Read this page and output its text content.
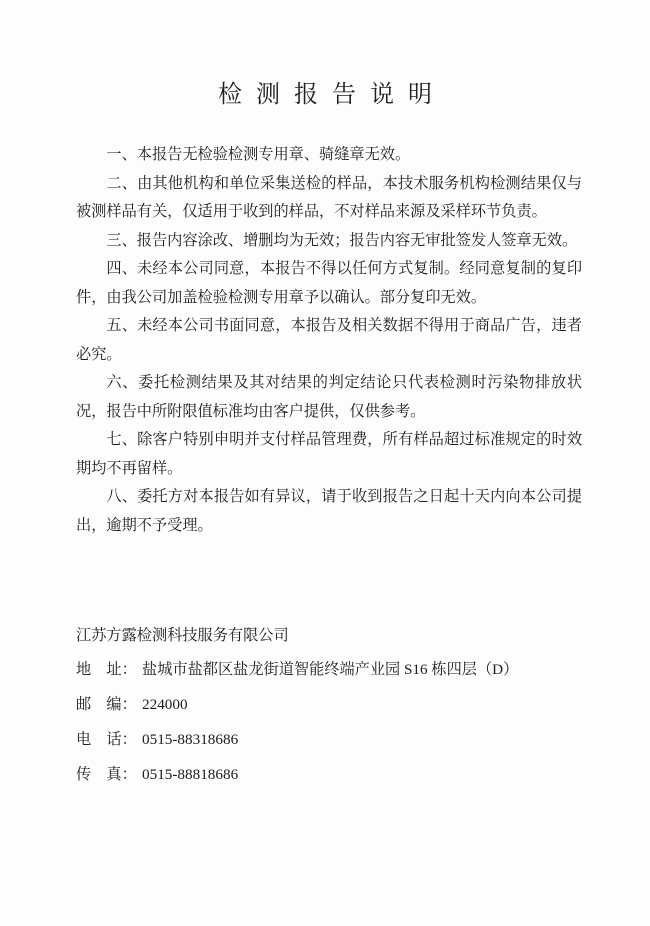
检测报告说明

一、本报告无检验检测专用章、骑缝章无效。

二、由其他机构和单位采集送检的样品，本技术服务机构检测结果仅与被测样品有关，仅适用于收到的样品，不对样品来源及采样环节负责。

三、报告内容涂改、增删均为无效；报告内容无审批签发人签章无效。

四、未经本公司同意，本报告不得以任何方式复制。经同意复制的复印件，由我公司加盖检验检测专用章予以确认。部分复印无效。

五、未经本公司书面同意，本报告及相关数据不得用于商品广告，违者必究。

六、委托检测结果及其对结果的判定结论只代表检测时污染物排放状况，报告中所附限值标准均由客户提供，仅供参考。

七、除客户特别申明并支付样品管理费，所有样品超过标准规定的时效期均不再留样。

八、委托方对本报告如有异议，请于收到报告之日起十天内向本公司提出，逾期不予受理。

江苏方露检测科技服务有限公司

地　址： 盐城市盐都区盐龙街道智能终端产业园 S16 栋四层（D）

邮　编： 224000

电　话： 0515-88318686

传　真： 0515-88818686
